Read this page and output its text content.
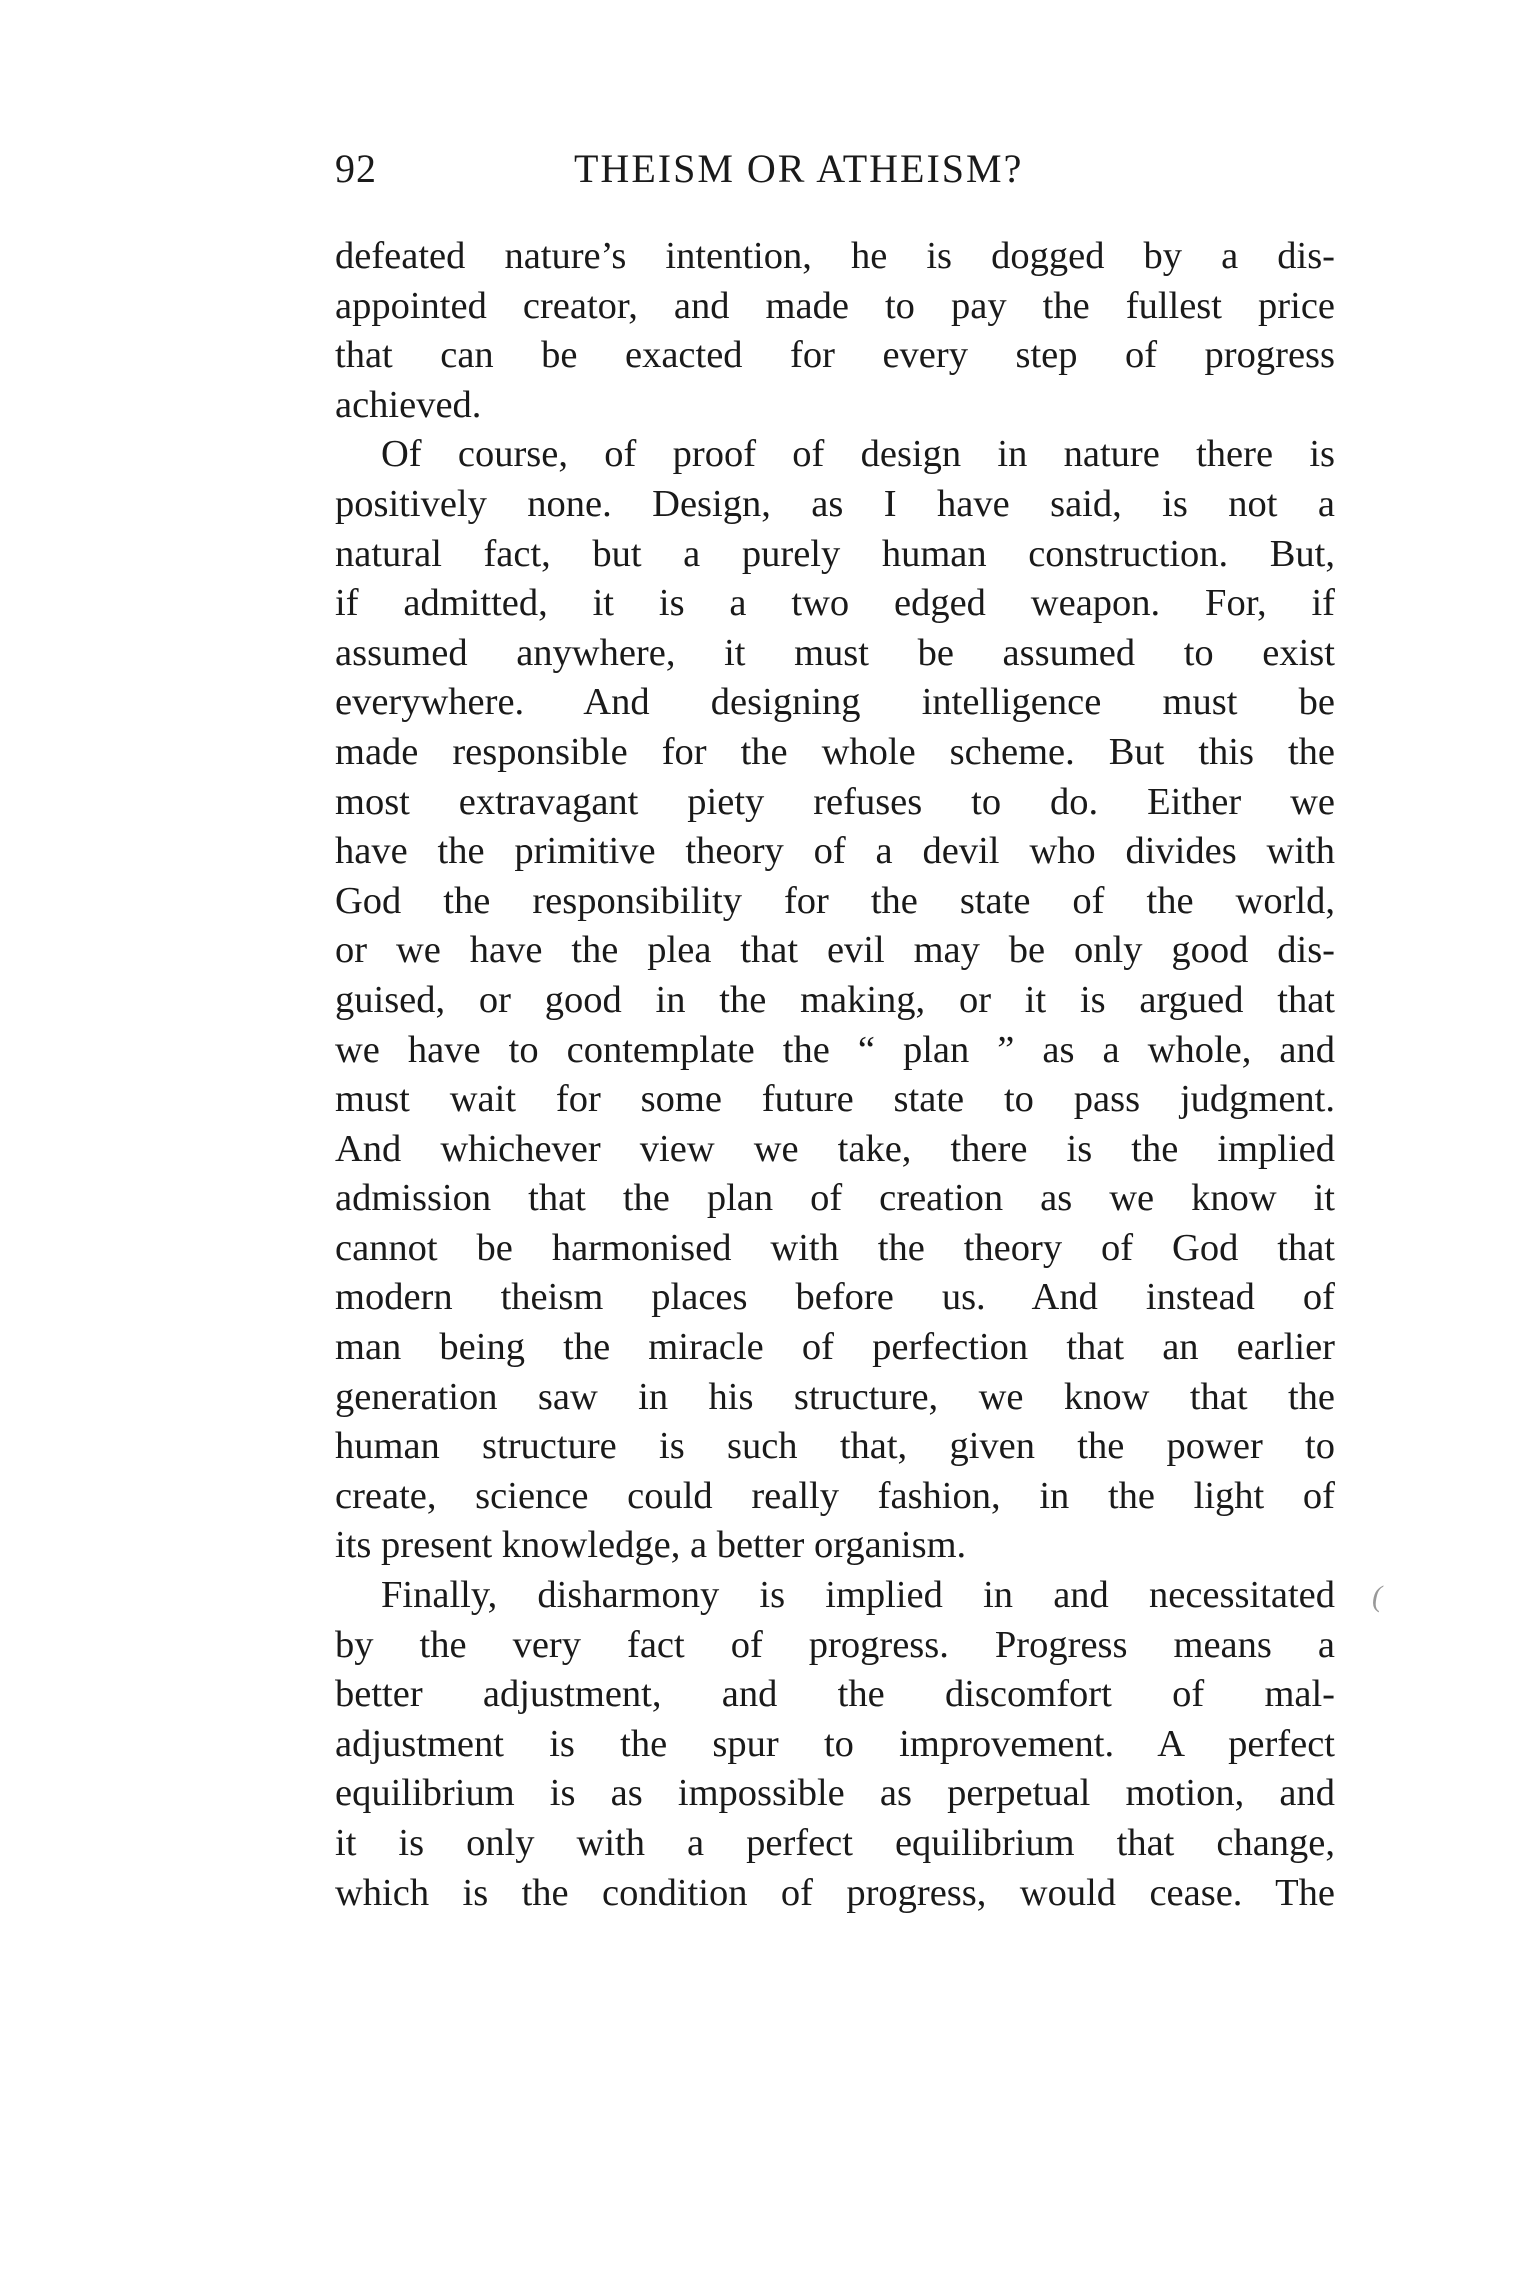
92	THEISM OR ATHEISM?
defeated nature’s intention, he is dogged by a dis-
appointed creator, and made to pay the fullest price
that can be exacted for every step of progress
achieved.
Of course, of proof of design in nature there is
positively none. Design, as I have said, is not a
natural fact, but a purely human construction. But,
if admitted, it is a two edged weapon. For, if
assumed anywhere, it must be assumed to exist
everywhere. And designing intelligence must be
made responsible for the whole scheme. But this the
most extravagant piety refuses to do. Either we
have the primitive theory of a devil who divides with
God the responsibility for the state of the world,
or we have the plea that evil may be only good dis-
guised, or good in the making, or it is argued that
we have to contemplate the “ plan ” as a whole, and
must wait for some future state to pass judgment.
And whichever view we take, there is the implied
admission that the plan of creation as we know it
cannot be harmonised with the theory of God that
modern theism places before us. And instead of
man being the miracle of perfection that an earlier
generation saw in his structure, we know that the
human structure is such that, given the power to
create, science could really fashion, in the light of
its present knowledge, a better organism.
Finally, disharmony is implied in and necessitated
by the very fact of progress. Progress means a
better adjustment, and the discomfort of mal-
adjustment is the spur to improvement. A perfect
equilibrium is as impossible as perpetual motion, and
it is only with a perfect equilibrium that change,
which is the condition of progress, would cease. The
(
